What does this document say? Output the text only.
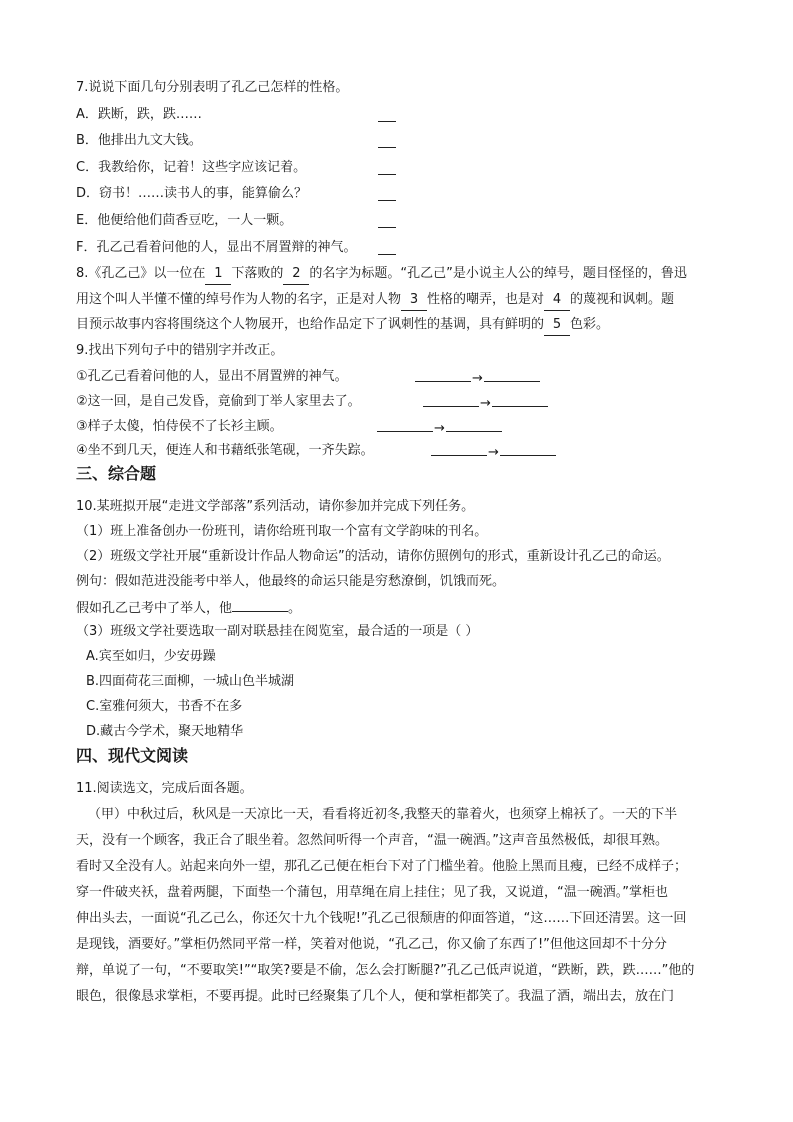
7.说说下面几句分别表明了孔乙己怎样的性格。
A．跌断，跌，跌……
B．他排出九文大钱。
C．我教给你，记着！这些字应该记着。
D．窃书！……读书人的事，能算偷么？
E．他便给他们茴香豆吃，一人一颗。
F．孔乙己看着问他的人，显出不屑置辩的神气。
8.《孔乙己》以一位在 1 下落败的 2 的名字为标题。“孔乙己”是小说主人公的绰号，题目怪怪的，鲁迅
用这个叫人半懂不懂的绰号作为人物的名字，正是对人物 3 性格的嘲弄，也是对 4 的蔑视和讽刺。题
目预示故事内容将围绕这个人物展开，也给作品定下了讽刺性的基调，具有鲜明的 5 色彩。
9.找出下列句子中的错别字并改正。
①孔乙己看着问他的人，显出不屑置辨的神气。	→
②这一回，是自己发昏，竟偷到丁举人家里去了。	→
③样子太傻，怕侍侯不了长衫主顾。	→
④坐不到几天，便连人和书藉纸张笔砚，一齐失踪。	→
三、综合题
10.某班拟开展“走进文学部落”系列活动，请你参加并完成下列任务。
（1）班上准备创办一份班刊，请你给班刊取一个富有文学韵味的刊名。
（2）班级文学社开展“重新设计作品人物命运”的活动，请你仿照例句的形式，重新设计孔乙己的命运。
例句：假如范进没能考中举人，他最终的命运只能是穷愁潦倒，饥饿而死。
假如孔乙己考中了举人，他	。
（3）班级文学社要选取一副对联悬挂在阅览室，最合适的一项是（ ）
A.宾至如归，少安毋躁
B.四面荷花三面柳，一城山色半城湖
C.室雅何须大，书香不在多
D.藏古今学术，聚天地精华
四、现代文阅读
11.阅读选文，完成后面各题。
（甲）中秋过后，秋风是一天凉比一天，看看将近初冬,我整天的靠着火，也须穿上棉袄了。一天的下半
天，没有一个顾客，我正合了眼坐着。忽然间听得一个声音，“温一碗酒。”这声音虽然极低，却很耳熟。
看时又全没有人。站起来向外一望，那孔乙己便在柜台下对了门槛坐着。他脸上黑而且瘦，已经不成样子；
穿一件破夹袄，盘着两腿，下面垫一个蒲包，用草绳在肩上挂住；见了我，又说道，“温一碗酒。”掌柜也
伸出头去，一面说“孔乙己么，你还欠十九个钱呢!”孔乙己很颓唐的仰面答道，“这……下回还清罢。这一回
是现钱，酒要好。”掌柜仍然同平常一样，笑着对他说，“孔乙己，你又偷了东西了!”但他这回却不十分分
辩，单说了一句，“不要取笑!”“取笑?要是不偷，怎么会打断腿?”孔乙己低声说道，“跌断，跌，跌……”他的
眼色，很像恳求掌柜，不要再提。此时已经聚集了几个人，便和掌柜都笑了。我温了酒，端出去，放在门
